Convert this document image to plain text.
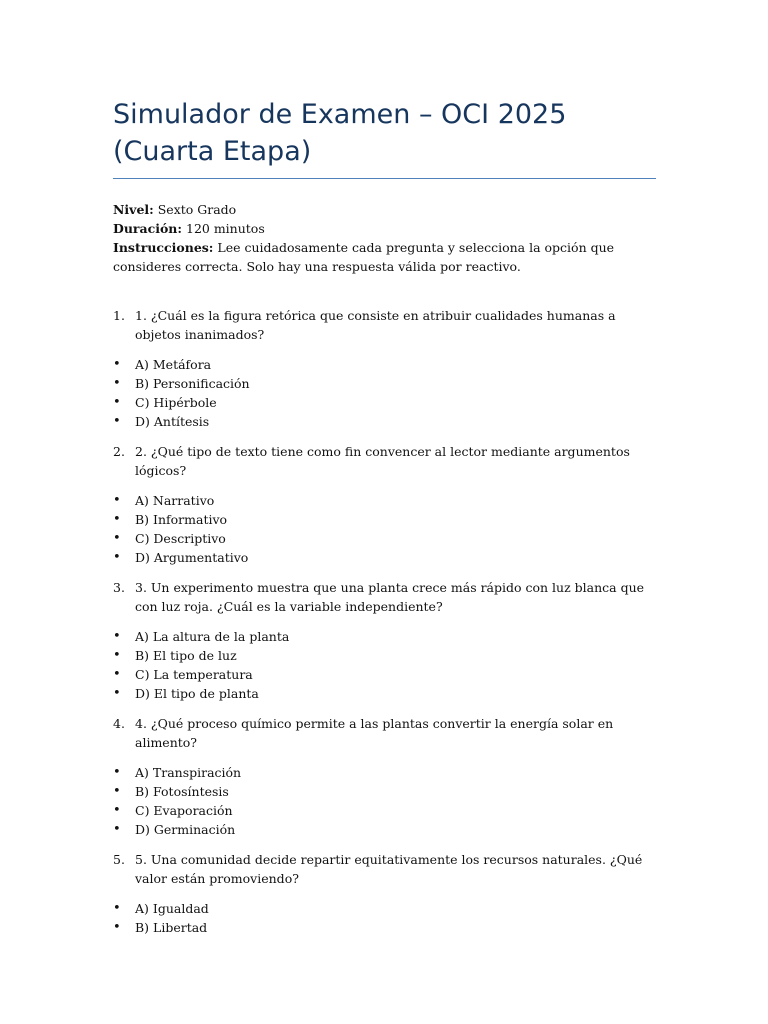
Simulador de Examen – OCI 2025
(Cuarta Etapa)
Nivel: Sexto Grado
Duración: 120 minutos
Instrucciones: Lee cuidadosamente cada pregunta y selecciona la opción que consideres correcta. Solo hay una respuesta válida por reactivo.
1. 1. ¿Cuál es la figura retórica que consiste en atribuir cualidades humanas a objetos inanimados?
• A) Metáfora
• B) Personificación
• C) Hipérbole
• D) Antítesis
2. 2. ¿Qué tipo de texto tiene como fin convencer al lector mediante argumentos lógicos?
• A) Narrativo
• B) Informativo
• C) Descriptivo
• D) Argumentativo
3. 3. Un experimento muestra que una planta crece más rápido con luz blanca que con luz roja. ¿Cuál es la variable independiente?
• A) La altura de la planta
• B) El tipo de luz
• C) La temperatura
• D) El tipo de planta
4. 4. ¿Qué proceso químico permite a las plantas convertir la energía solar en alimento?
• A) Transpiración
• B) Fotosíntesis
• C) Evaporación
• D) Germinación
5. 5. Una comunidad decide repartir equitativamente los recursos naturales. ¿Qué valor están promoviendo?
• A) Igualdad
• B) Libertad
